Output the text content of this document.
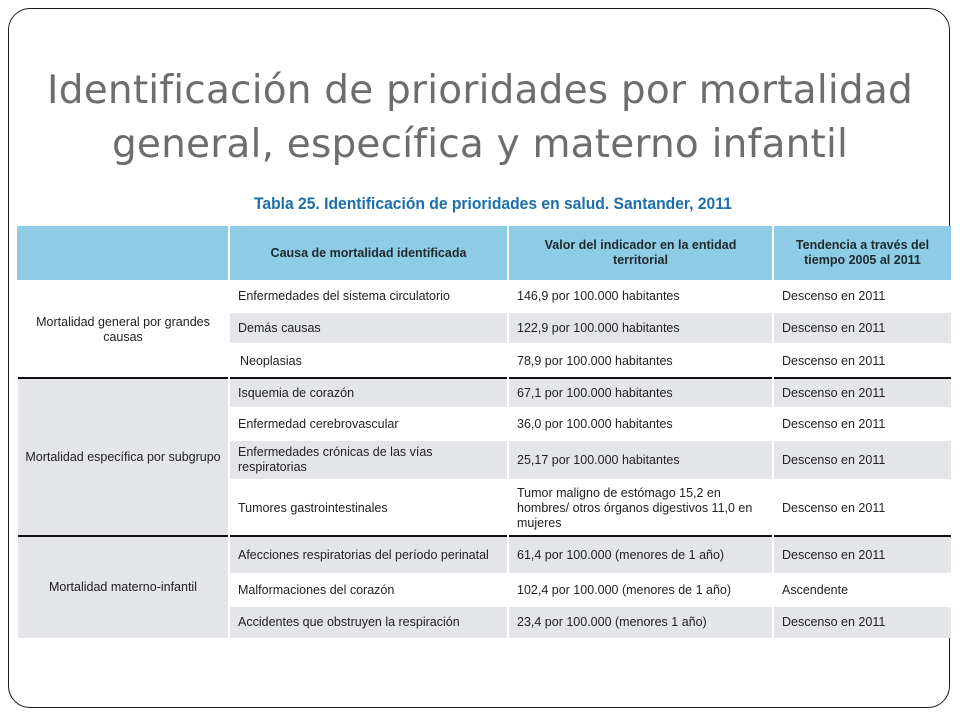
Identificación de prioridades por mortalidad general, específica y materno infantil
Tabla 25. Identificación de prioridades en salud. Santander, 2011
	Causa de mortalidad identificada	Valor del indicador en la entidad territorial	Tendencia a través del tiempo 2005 al 2011
Mortalidad general por grandes causas	Enfermedades del sistema circulatorio	146,9 por 100.000 habitantes	Descenso en 2011
	Demás causas	122,9 por 100.000 habitantes	Descenso en 2011
	Neoplasias	78,9 por 100.000 habitantes	Descenso en 2011
Mortalidad específica por subgrupo	Isquemia de corazón	67,1 por 100.000 habitantes	Descenso en 2011
	Enfermedad cerebrovascular	36,0 por 100.000 habitantes	Descenso en 2011
	Enfermedades crónicas de las vías respiratorias	25,17 por 100.000 habitantes	Descenso en 2011
	Tumores gastrointestinales	Tumor maligno de estómago 15,2 en hombres/ otros órganos digestivos 11,0 en mujeres	Descenso en 2011
Mortalidad materno-infantil	Afecciones respiratorias del período perinatal	61,4 por 100.000 (menores de 1 año)	Descenso en 2011
	Malformaciones del corazón	102,4 por 100.000 (menores de 1 año)	Ascendente
	Accidentes que obstruyen la respiración	23,4 por 100.000 (menores 1 año)	Descenso en 2011
